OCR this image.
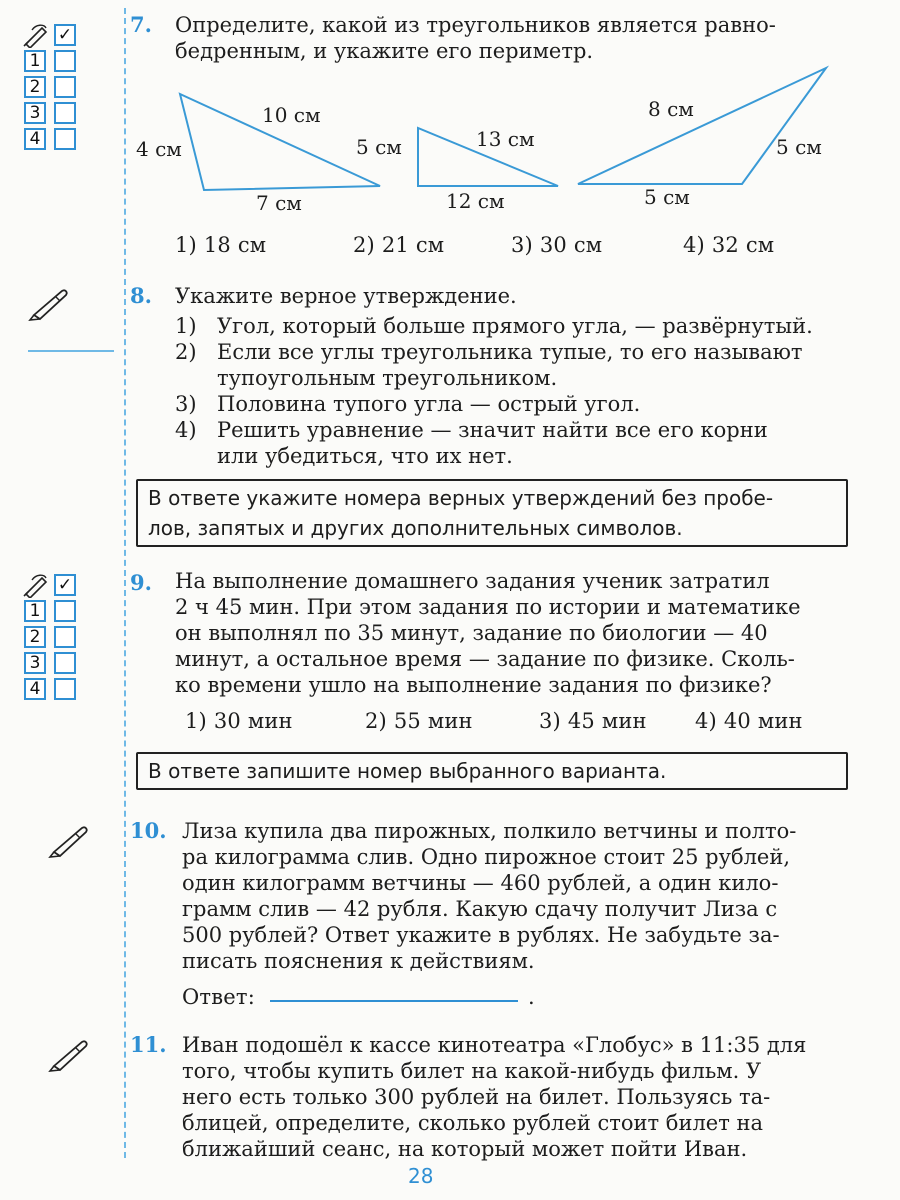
✓
1
2
3
4
✓
1
2
3
4
7. Определите, какой из треугольников является равно-
бедренным, и укажите его периметр.
4 см
10 см
7 см
5 см	13 см
12 см
8 см
5 см
5 см
1) 18 см	2) 21 см	3) 30 см	4) 32 см
8. Укажите верное утверждение.
1) Угол, который больше прямого угла, — развёрнутый.
2) Если все углы треугольника тупые, то его называют
тупоугольным треугольником.
3) Половина тупого угла — острый угол.
4) Решить уравнение — значит найти все его корни
или убедиться, что их нет.
В ответе укажите номера верных утверждений без пробе-
лов, запятых и других дополнительных символов.
9. На выполнение домашнего задания ученик затратил
2 ч 45 мин. При этом задания по истории и математике
он выполнял по 35 минут, задание по биологии — 40
минут, а остальное время — задание по физике. Сколь-
ко времени ушло на выполнение задания по физике?
1) 30 мин	2) 55 мин	3) 45 мин 4) 40 мин
В ответе запишите номер выбранного варианта.
10. Лиза купила два пирожных, полкило ветчины и полто-
ра килограмма слив. Одно пирожное стоит 25 рублей,
один килограмм ветчины — 460 рублей, а один кило-
грамм слив — 42 рубля. Какую сдачу получит Лиза с
500 рублей? Ответ укажите в рублях. Не забудьте за-
писать пояснения к действиям.
Ответ:	.
11. Иван подошёл к кассе кинотеатра «Глобус» в 11:35 для
того, чтобы купить билет на какой-нибудь фильм. У
него есть только 300 рублей на билет. Пользуясь та-
блицей, определите, сколько рублей стоит билет на
ближайший сеанс, на который может пойти Иван.
28
